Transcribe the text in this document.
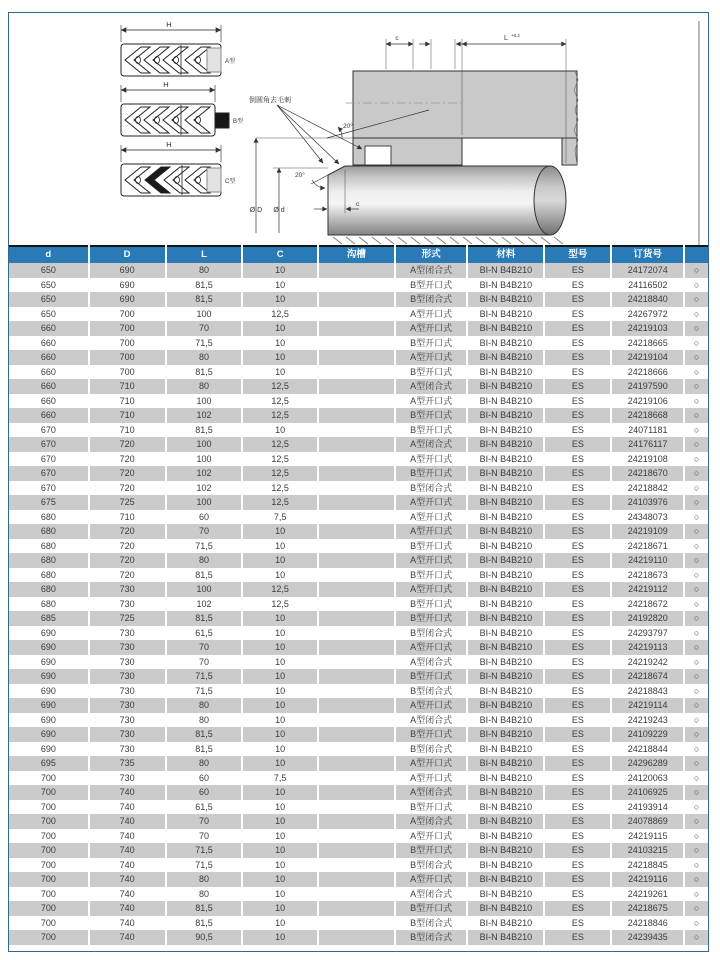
H
A型
H
B型
H
C型
c	L +0.2
倒圆角去毛刺
20°
20°
Ø D Ø d
c
d	D	L	C	沟槽	形式	材料	型号	订货号	
650	690	80	10		A型闭合式	BI-N B4B210	ES	24172074	○
650	690	81,5	10		B型开口式	BI-N B4B210	ES	24116502	○
650	690	81,5	10		B型闭合式	BI-N B4B210	ES	24218840	○
650	700	100	12,5		A型开口式	BI-N B4B210	ES	24267972	○
660	700	70	10		A型开口式	BI-N B4B210	ES	24219103	○
660	700	71,5	10		B型开口式	BI-N B4B210	ES	24218665	○
660	700	80	10		A型开口式	BI-N B4B210	ES	24219104	○
660	700	81,5	10		B型开口式	BI-N B4B210	ES	24218666	○
660	710	80	12,5		A型闭合式	BI-N B4B210	ES	24197590	○
660	710	100	12,5		A型开口式	BI-N B4B210	ES	24219106	○
660	710	102	12,5		B型开口式	BI-N B4B210	ES	24218668	○
670	710	81,5	10		B型开口式	BI-N B4B210	ES	24071181	○
670	720	100	12,5		A型闭合式	BI-N B4B210	ES	24176117	○
670	720	100	12,5		A型开口式	BI-N B4B210	ES	24219108	○
670	720	102	12,5		B型开口式	BI-N B4B210	ES	24218670	○
670	720	102	12,5		B型闭合式	BI-N B4B210	ES	24218842	○
675	725	100	12,5		A型开口式	BI-N B4B210	ES	24103976	○
680	710	60	7,5		A型开口式	BI-N B4B210	ES	24348073	○
680	720	70	10		A型开口式	BI-N B4B210	ES	24219109	○
680	720	71,5	10		B型开口式	BI-N B4B210	ES	24218671	○
680	720	80	10		A型开口式	BI-N B4B210	ES	24219110	○
680	720	81,5	10		B型开口式	BI-N B4B210	ES	24218673	○
680	730	100	12,5		A型开口式	BI-N B4B210	ES	24219112	○
680	730	102	12,5		B型开口式	BI-N B4B210	ES	24218672	○
685	725	81,5	10		B型开口式	BI-N B4B210	ES	24192820	○
690	730	61,5	10		B型闭合式	BI-N B4B210	ES	24293797	○
690	730	70	10		A型开口式	BI-N B4B210	ES	24219113	○
690	730	70	10		A型闭合式	BI-N B4B210	ES	24219242	○
690	730	71,5	10		B型开口式	BI-N B4B210	ES	24218674	○
690	730	71,5	10		B型闭合式	BI-N B4B210	ES	24218843	○
690	730	80	10		A型开口式	BI-N B4B210	ES	24219114	○
690	730	80	10		A型闭合式	BI-N B4B210	ES	24219243	○
690	730	81,5	10		B型开口式	BI-N B4B210	ES	24109229	○
690	730	81,5	10		B型闭合式	BI-N B4B210	ES	24218844	○
695	735	80	10		A型开口式	BI-N B4B210	ES	24296289	○
700	730	60	7,5		A型开口式	BI-N B4B210	ES	24120063	○
700	740	60	10		A型闭合式	BI-N B4B210	ES	24106925	○
700	740	61,5	10		B型开口式	BI-N B4B210	ES	24193914	○
700	740	70	10		A型闭合式	BI-N B4B210	ES	24078869	○
700	740	70	10		A型开口式	BI-N B4B210	ES	24219115	○
700	740	71,5	10		B型开口式	BI-N B4B210	ES	24103215	○
700	740	71,5	10		B型闭合式	BI-N B4B210	ES	24218845	○
700	740	80	10		A型开口式	BI-N B4B210	ES	24219116	○
700	740	80	10		A型闭合式	BI-N B4B210	ES	24219261	○
700	740	81,5	10		B型开口式	BI-N B4B210	ES	24218675	○
700	740	81,5	10		B型闭合式	BI-N B4B210	ES	24218846	○
700	740	90,5	10		B型闭合式	BI-N B4B210	ES	24239435	○
